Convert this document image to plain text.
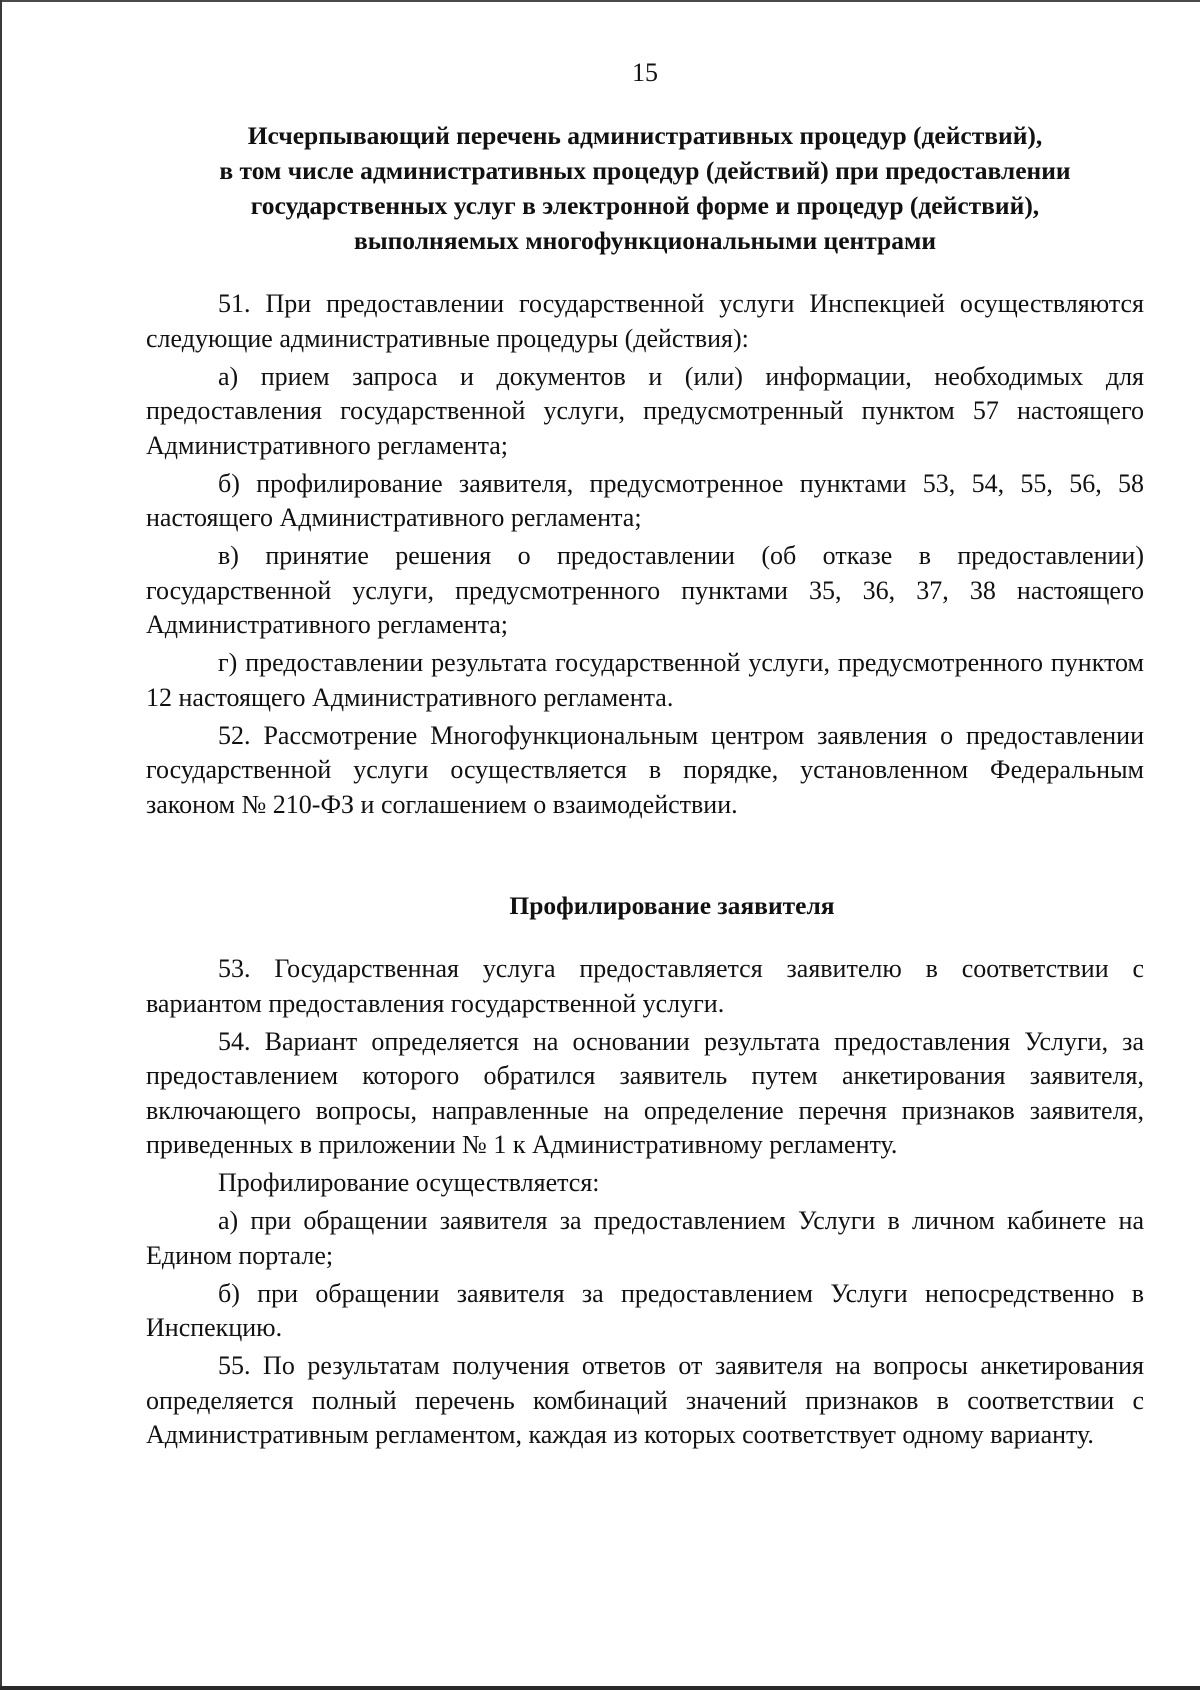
15
Исчерпывающий перечень административных процедур (действий),
в том числе административных процедур (действий) при предоставлении
государственных услуг в электронной форме и процедур (действий),
выполняемых многофункциональными центрами

51. При предоставлении государственной услуги Инспекцией осуществляются следующие административные процедуры (действия):

а) прием запроса и документов и (или) информации, необходимых для предоставления государственной услуги, предусмотренный пунктом 57 настоящего Административного регламента;

б) профилирование заявителя, предусмотренное пунктами 53, 54, 55, 56, 58 настоящего Административного регламента;

в) принятие решения о предоставлении (об отказе в предоставлении) государственной услуги, предусмотренного пунктами 35, 36, 37, 38 настоящего Административного регламента;

г) предоставлении результата государственной услуги, предусмотренного пунктом 12 настоящего Административного регламента.

52. Рассмотрение Многофункциональным центром заявления о предоставлении государственной услуги осуществляется в порядке, установленном Федеральным законом № 210-ФЗ и соглашением о взаимодействии.

Профилирование заявителя

53. Государственная услуга предоставляется заявителю в соответствии с вариантом предоставления государственной услуги.

54. Вариант определяется на основании результата предоставления Услуги, за предоставлением которого обратился заявитель путем анкетирования заявителя, включающего вопросы, направленные на определение перечня признаков заявителя, приведенных в приложении № 1 к Административному регламенту.

Профилирование осуществляется:

а) при обращении заявителя за предоставлением Услуги в личном кабинете на Едином портале;

б) при обращении заявителя за предоставлением Услуги непосредственно в Инспекцию.

55. По результатам получения ответов от заявителя на вопросы анкетирования определяется полный перечень комбинаций значений признаков в соответствии с Административным регламентом, каждая из которых соответствует одному варианту.
